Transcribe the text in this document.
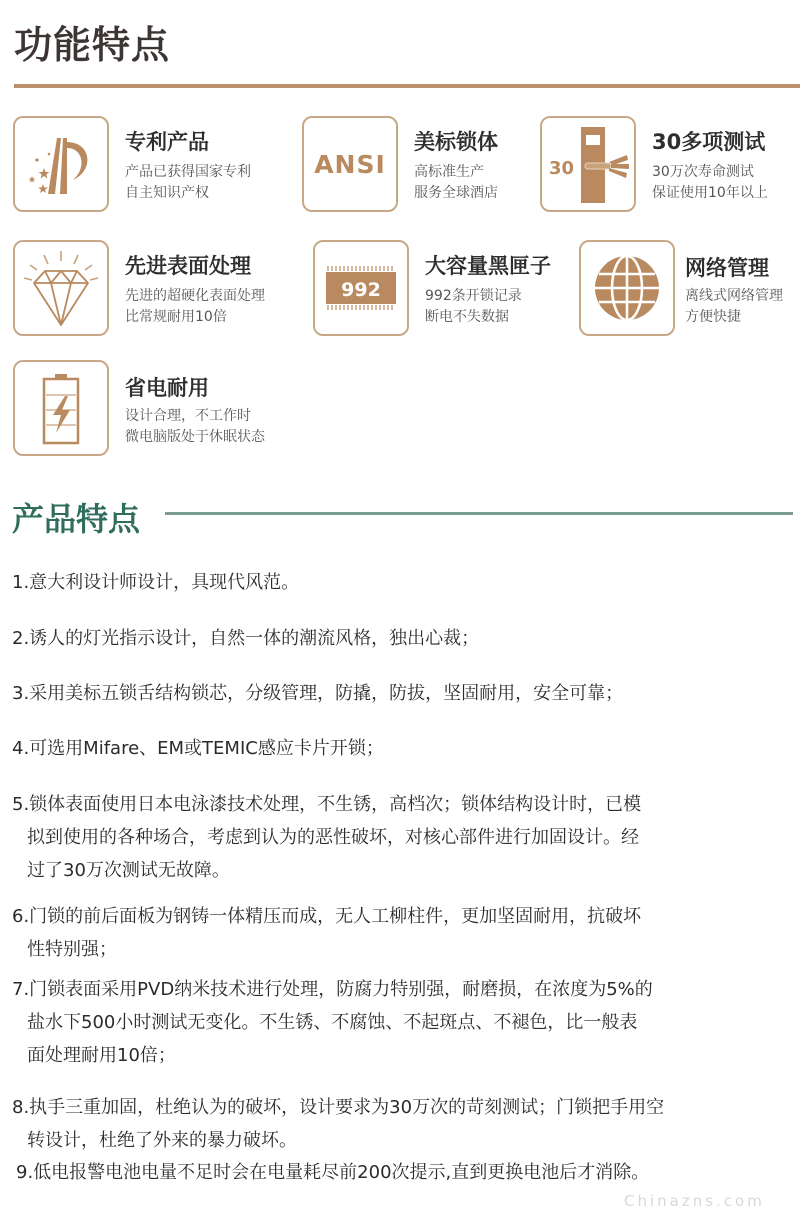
功能特点
专利产品
产品已获得国家专利
自主知识产权
ANSI
美标锁体
高标准生产
服务全球酒店
30
30多项测试
30万次寿命测试
保证使用10年以上
先进表面处理
先进的超硬化表面处理
比常规耐用10倍
992
大容量黑匣子
992条开锁记录
断电不失数据
网络管理
离线式网络管理
方便快捷
省电耐用
设计合理，不工作时
微电脑版处于休眠状态
产品特点
1.意大利设计师设计，具现代风范。
2.诱人的灯光指示设计，自然一体的潮流风格，独出心裁；
3.采用美标五锁舌结构锁芯，分级管理，防撬，防拔，坚固耐用，安全可靠；
4.可选用Mifare、EM或TEMIC感应卡片开锁；
5.锁体表面使用日本电泳漆技术处理，不生锈，高档次；锁体结构设计时，已模
拟到使用的各种场合，考虑到认为的恶性破坏，对核心部件进行加固设计。经
过了30万次测试无故障。
6.门锁的前后面板为钢铸一体精压而成，无人工柳柱件，更加坚固耐用，抗破坏
性特别强；
7.门锁表面采用PVD纳米技术进行处理，防腐力特别强，耐磨损，在浓度为5%的
盐水下500小时测试无变化。不生锈、不腐蚀、不起斑点、不褪色，比一般表
面处理耐用10倍；
8.执手三重加固，杜绝认为的破坏，设计要求为30万次的苛刻测试；门锁把手用空
转设计，杜绝了外来的暴力破坏。
9.低电报警电池电量不足时会在电量耗尽前200次提示,直到更换电池后才消除。
Chinazns.com
